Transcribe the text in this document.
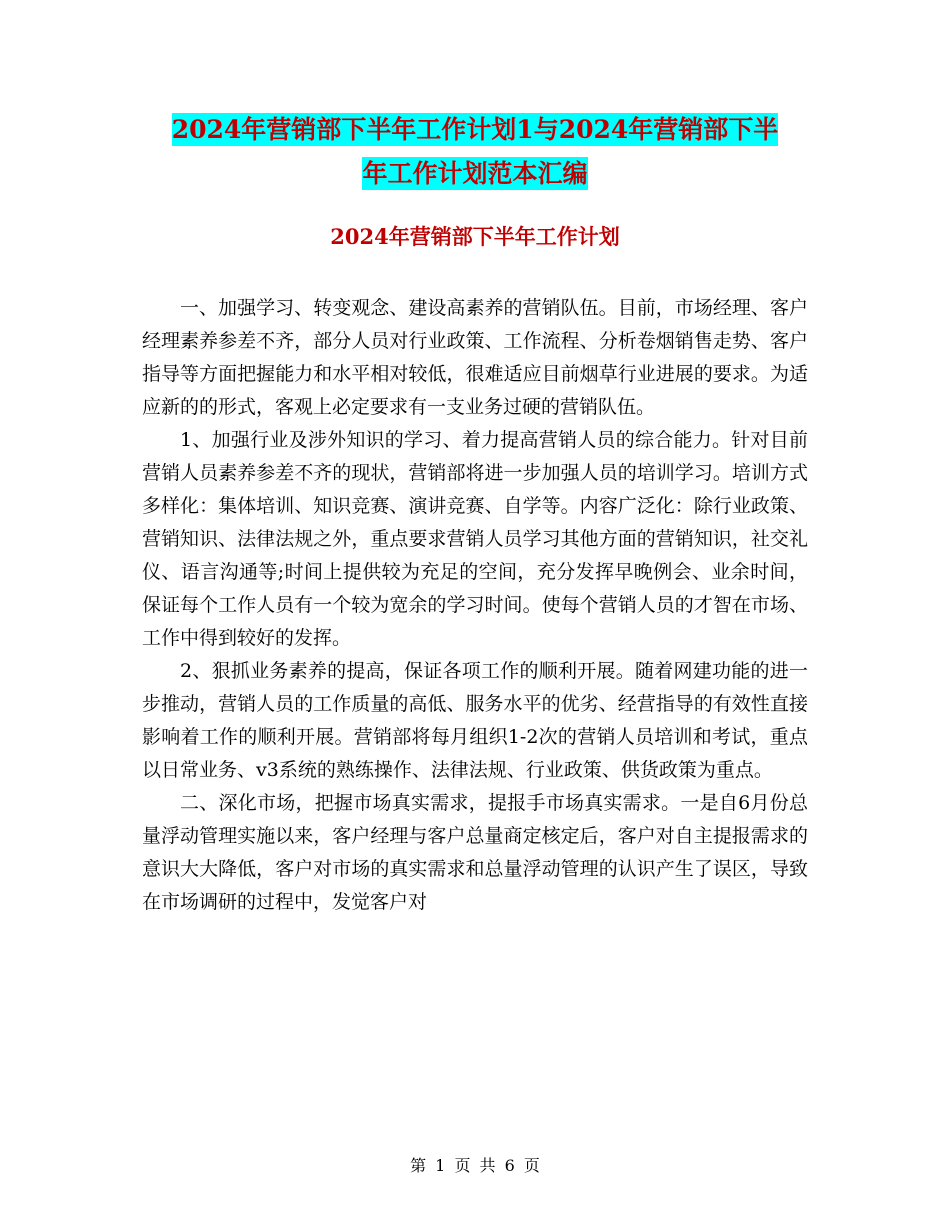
2024年营销部下半年工作计划1与2024年营销部下半
年工作计划范本汇编
2024年营销部下半年工作计划

一、加强学习、转变观念、建设高素养的营销队伍。目前，市场经理、客户经理素养参差不齐，部分人员对行业政策、工作流程、分析卷烟销售走势、客户指导等方面把握能力和水平相对较低，很难适应目前烟草行业进展的要求。为适应新的的形式，客观上必定要求有一支业务过硬的营销队伍。

1、加强行业及涉外知识的学习、着力提高营销人员的综合能力。针对目前营销人员素养参差不齐的现状，营销部将进一步加强人员的培训学习。培训方式多样化：集体培训、知识竞赛、演讲竞赛、自学等。内容广泛化：除行业政策、营销知识、法律法规之外，重点要求营销人员学习其他方面的营销知识，社交礼仪、语言沟通等;时间上提供较为充足的空间，充分发挥早晚例会、业余时间，保证每个工作人员有一个较为宽余的学习时间。使每个营销人员的才智在市场、工作中得到较好的发挥。

2、狠抓业务素养的提高，保证各项工作的顺利开展。随着网建功能的进一步推动，营销人员的工作质量的高低、服务水平的优劣、经营指导的有效性直接影响着工作的顺利开展。营销部将每月组织1-2次的营销人员培训和考试，重点以日常业务、v3系统的熟练操作、法律法规、行业政策、供货政策为重点。

二、深化市场，把握市场真实需求，提报手市场真实需求。一是自6月份总量浮动管理实施以来，客户经理与客户总量商定核定后，客户对自主提报需求的意识大大降低，客户对市场的真实需求和总量浮动管理的认识产生了误区，导致在市场调研的过程中，发觉客户对

第 1 页 共 6 页
